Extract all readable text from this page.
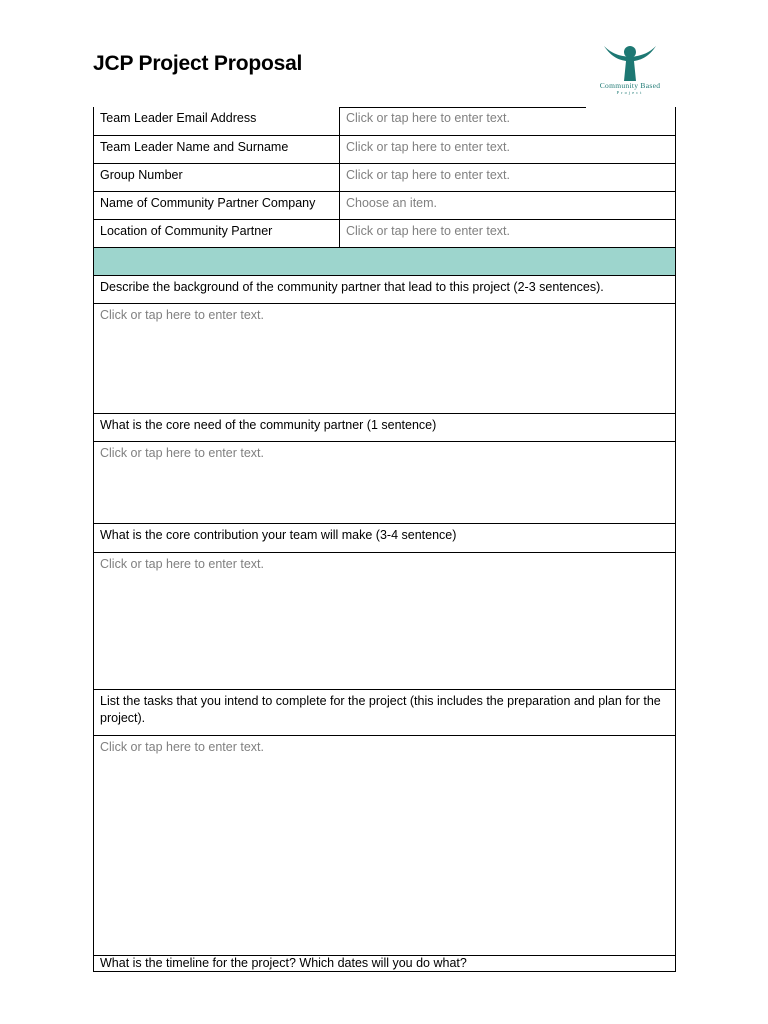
JCP Project Proposal
Community Based
Project
Team Leader Email Address	Click or tap here to enter text.
Team Leader Name and Surname	Click or tap here to enter text.
Group Number	Click or tap here to enter text.
Name of Community Partner Company	Choose an item.
Location of Community Partner	Click or tap here to enter text.

Describe the background of the community partner that lead to this project (2-3 sentences).	
Click or tap here to enter text.	
What is the core need of the community partner (1 sentence)	
Click or tap here to enter text.	
What is the core contribution your team will make (3-4 sentence)	
Click or tap here to enter text.	
List the tasks that you intend to complete for the project (this includes the preparation and plan for the project).	
Click or tap here to enter text.	
What is the timeline for the project? Which dates will you do what?	
